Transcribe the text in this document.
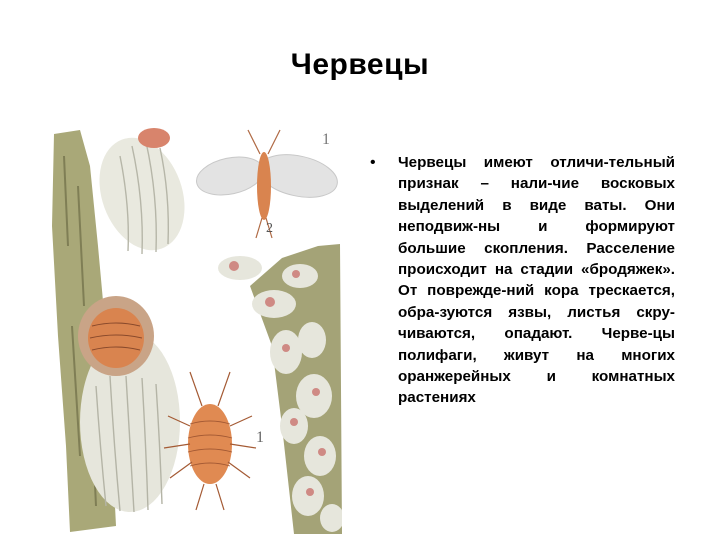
Червецы
2
1
1
• Червецы имеют отличи-тельный признак – нали-чие восковых выделений в виде ваты. Они неподвиж-ны и формируют большие скопления. Расселение происходит на стадии «бродяжек». От повреждe-ний кора трескается, обра-зуются язвы, листья скру-чиваются, опадают. Черве-цы полифаги, живут на многих оранжерейных и комнатных растениях
